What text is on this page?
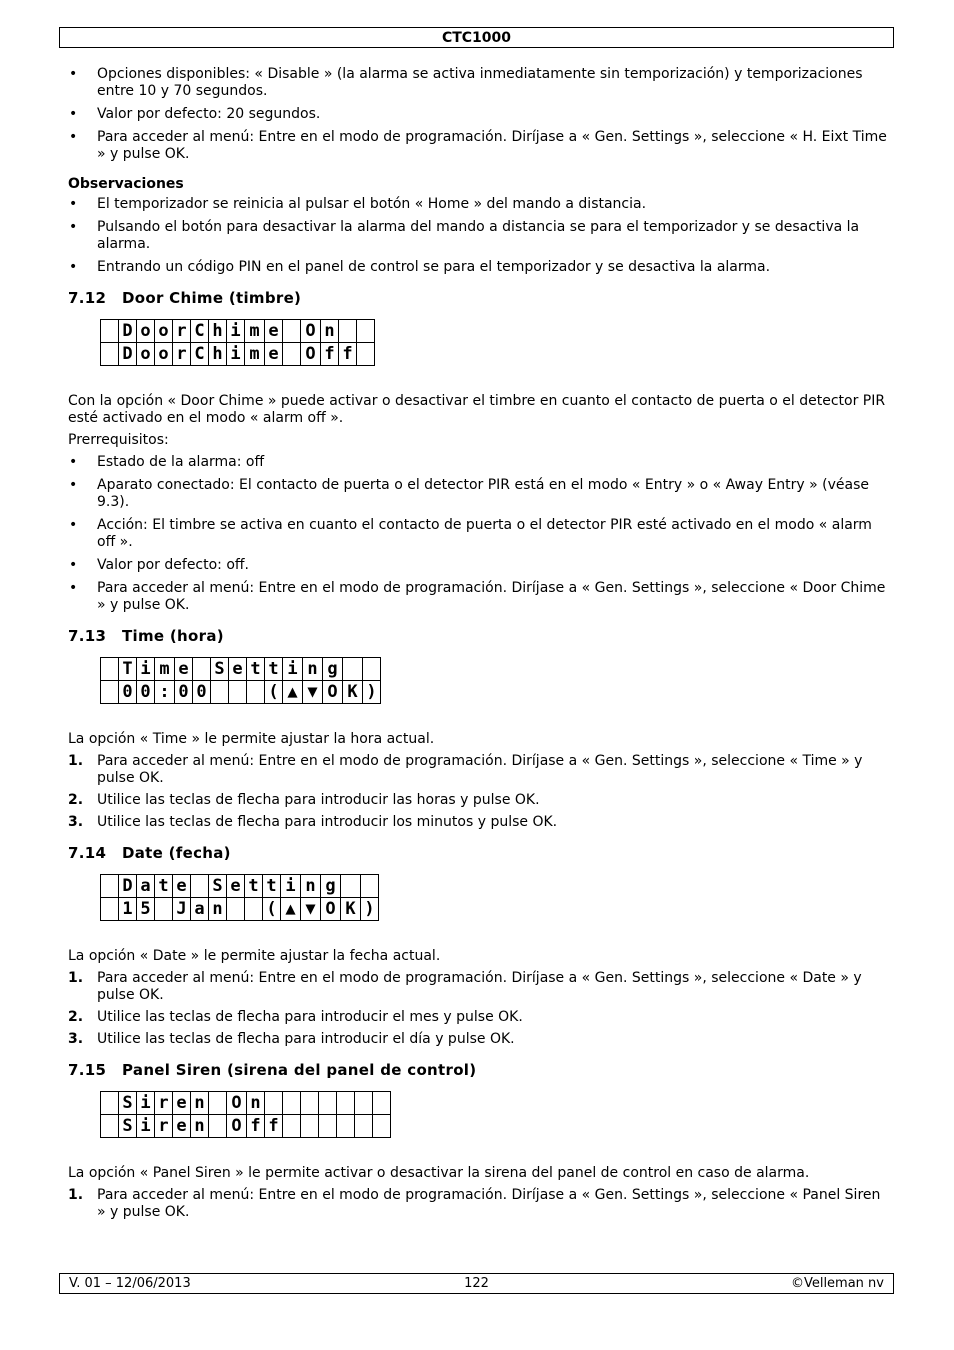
CTC1000
• Opciones disponibles: « Disable » (la alarma se activa inmediatamente sin temporización) y temporizaciones entre 10 y 70 segundos.
• Valor por defecto: 20 segundos.
• Para acceder al menú: Entre en el modo de programación. Diríjase a « Gen. Settings », seleccione « H. Eixt Time » y pulse OK.
Observaciones
• El temporizador se reinicia al pulsar el botón « Home » del mando a distancia.
• Pulsando el botón para desactivar la alarma del mando a distancia se para el temporizador y se desactiva la alarma.
• Entrando un código PIN en el panel de control se para el temporizador y se desactiva la alarma.
7.12 Door Chime (timbre)
	D	o	o	r	C	h	i	m	e		O	n		
	D	o	o	r	C	h	i	m	e		O	f	f	

Con la opción « Door Chime » puede activar o desactivar el timbre en cuanto el contacto de puerta o el detector PIR esté activado en el modo « alarm off ».

Prerrequisitos:

• Estado de la alarma: off
• Aparato conectado: El contacto de puerta o el detector PIR está en el modo « Entry » o « Away Entry » (véase 9.3).
• Acción: El timbre se activa en cuanto el contacto de puerta o el detector PIR esté activado en el modo « alarm off ».
• Valor por defecto: off.
• Para acceder al menú: Entre en el modo de programación. Diríjase a « Gen. Settings », seleccione « Door Chime » y pulse OK.
7.13 Time (hora)
	T	i	m	e		S	e	t	t	i	n	g		
	0	0	:	0	0				(	▲	▼	O	K	)

La opción « Time » le permite ajustar la hora actual.

1. Para acceder al menú: Entre en el modo de programación. Diríjase a « Gen. Settings », seleccione « Time » y pulse OK.
2. Utilice las teclas de flecha para introducir las horas y pulse OK.
3. Utilice las teclas de flecha para introducir los minutos y pulse OK.
7.14 Date (fecha)
	D	a	t	e		S	e	t	t	i	n	g		
	1	5		J	a	n			(	▲	▼	O	K	)

La opción « Date » le permite ajustar la fecha actual.

1. Para acceder al menú: Entre en el modo de programación. Diríjase a « Gen. Settings », seleccione « Date » y pulse OK.
2. Utilice las teclas de flecha para introducir el mes y pulse OK.
3. Utilice las teclas de flecha para introducir el día y pulse OK.
7.15 Panel Siren (sirena del panel de control)
	S	i	r	e	n		O	n							
	S	i	r	e	n		O	f	f						

La opción « Panel Siren » le permite activar o desactivar la sirena del panel de control en caso de alarma.

1. Para acceder al menú: Entre en el modo de programación. Diríjase a « Gen. Settings », seleccione « Panel Siren » y pulse OK.
V. 01 – 12/06/2013	122	©Velleman nv
